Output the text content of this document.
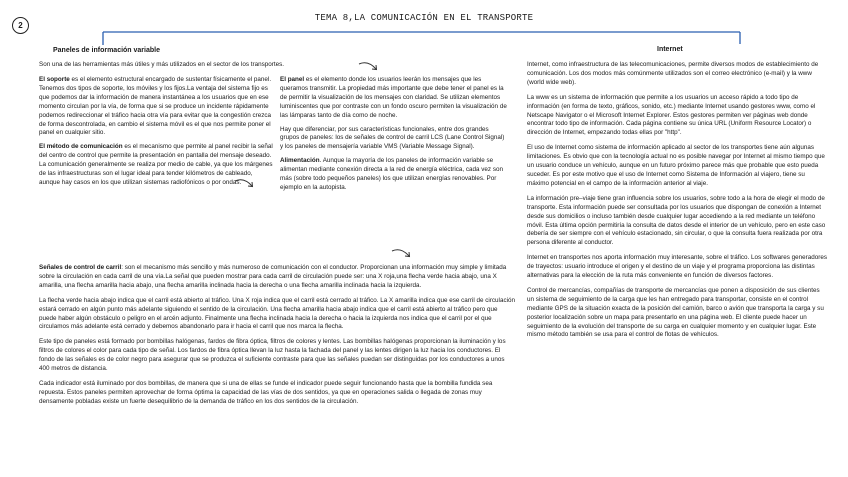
2
TEMA 8,LA COMUNICACIÓN EN EL TRANSPORTE
Paneles de información variable	Internet

Son una de las herramientas más útiles y más utilizados en el sector de los transportes.

El soporte es el elemento estructural encargado de sustentar físicamente el panel. Tenemos dos tipos de soporte, los móviles y los fijos.La ventaja del sistema fijo es que podemos dar la información de manera instantánea a los usuarios que en ese momento circulan por la vía, de forma que si se produce un incidente rápidamente podemos redireccionar el tráfico hacia otra vía para evitar que la congestión crezca de forma descontrolada, en cambio el sistema móvil es el que nos permite poner el panel en cualquier sitio.

El método de comunicación es el mecanismo que permite al panel recibir la señal del centro de control que permite la presentación en pantalla del mensaje deseado. La comunicación generalmente se realiza por medio de cable, ya que los márgenes de las infraestructuras son el lugar ideal para tender kilómetros de cableado, aunque hay casos en los que utilizan sistemas radiofónicos o por ondas.

El panel es el elemento donde los usuarios leerán los mensajes que les queramos transmitir. La propiedad más importante que debe tener el panel es la de permitir la visualización de los mensajes con claridad. Se utilizan elementos luminiscentes que por contraste con un fondo oscuro permiten la visualización de las lámparas tanto de día como de noche.

Hay que diferenciar, por sus características funcionales, entre dos grandes grupos de paneles: los de señales de control de carril LCS (Lane Control Signal) y los paneles de mensajería variable VMS (Variable Message Signal).

Alimentación. Aunque la mayoría de los paneles de información variable se alimentan mediante conexión directa a la red de energía eléctrica, cada vez son más (sobre todo pequeños paneles) los que utilizan energías renovables. Por ejemplo en la autopista.

Señales de control de carril: son el mecanismo más sencillo y más numeroso de comunicación con el conductor. Proporcionan una información muy simple y limitada sobre la circulación en cada carril de una vía.La señal que pueden mostrar para cada carril de circulación puede ser: una X roja,una flecha verde hacia abajo, una X amarilla, una flecha amarilla hacia abajo, una flecha amarilla inclinada hacia la derecha o una flecha amarilla inclinada hacia la izquierda.

La flecha verde hacia abajo indica que el carril está abierto al tráfico. Una X roja indica que el carril está cerrado al tráfico. La X amarilla indica que ese carril de circulación estará cerrado en algún punto más adelante siguiendo el sentido de la circulación. Una flecha amarilla hacia abajo indica que el carril está abierto al tráfico pero que puede haber algún obstáculo o peligro en el arcén adjunto. Finalmente una flecha inclinada hacia la derecha o hacia la izquierda nos indica que el carril por el que circulamos más adelante está cerrado y debemos abandonarlo para ir hacia el carril que nos marca la flecha.

Este tipo de paneles está formado por bombillas halógenas, fardos de fibra óptica, filtros de colores y lentes. Las bombillas halógenas proporcionan la iluminación y los filtros de colores el color para cada tipo de señal. Los fardos de fibra óptica llevan la luz hasta la fachada del panel y las lentes dirigen la luz hacia los conductores. El fondo de las señales es de color negro para asegurar que se produzca el suficiente contraste para que las señales puedan ser distinguidas por los conductores a unos 400 metros de distancia.

Cada indicador está iluminado por dos bombillas, de manera que si una de ellas se funde el indicador puede seguir funcionando hasta que la bombilla fundida sea repuesta. Estos paneles permiten aprovechar de forma óptima la capacidad de las vías de dos sentidos, ya que en operaciones salida o llegada de zonas muy densamente pobladas existe un fuerte desequilibrio de la demanda de tráfico en los dos sentidos de la circulación.

Internet, como infraestructura de las telecomunicaciones, permite diversos modos de establecimiento de comunicación. Los dos modos más comúnmente utilizados son el correo electrónico (e-mail) y la www (world wide web).

La www es un sistema de información que permite a los usuarios un acceso rápido a todo tipo de información (en forma de texto, gráficos, sonido, etc.) mediante Internet usando gestores www, como el Netscape Navigator o el Microsoft Internet Explorer. Estos gestores permiten ver páginas web donde encontrar todo tipo de información. Cada página contiene su única URL (Uniform Resource Locator) o dirección de Internet, empezando todas ellas por "http".

El uso de Internet como sistema de información aplicado al sector de los transportes tiene aún algunas limitaciones. Es obvio que con la tecnología actual no es posible navegar por Internet al mismo tiempo que un usuario conduce un vehículo, aunque en un futuro próximo parece más que probable que esto pueda suceder. Es por este motivo que el uso de Internet como Sistema de Información al viajero, tiene su máximo potencial en el campo de la información anterior al viaje.

La información pre–viaje tiene gran influencia sobre los usuarios, sobre todo a la hora de elegir el modo de transporte. Esta información puede ser consultada por los usuarios que dispongan de conexión a Internet desde sus domicilios o incluso también desde cualquier lugar accediendo a la red mediante un teléfono móvil. Esta última opción permitiría la consulta de datos desde el interior de un vehículo, pero en este caso debería de ser siempre con el vehículo estacionado, sin circular, o que la consulta fuera realizada por otra persona diferente al conductor.

Internet en transportes nos aporta información muy interesante, sobre el tráfico. Los softwares generadores de trayectos: usuario introduce el origen y el destino de un viaje y el programa proporciona las distintas alternativas para la elección de la ruta más conveniente en función de diversos factores.

Control de mercancías, compañías de transporte de mercancías que ponen a disposición de sus clientes un sistema de seguimiento de la carga que les han entregado para transportar, consiste en el control mediante GPS de la situación exacta de la posición del camión, barco o avión que transporta la carga y su posterior localización sobre un mapa para presentarlo en una página web. El cliente puede hacer un seguimiento de la evolución del transporte de su carga en cualquier momento y en cualquier lugar. Este mismo método también se usa para el control de flotas de vehículos.
